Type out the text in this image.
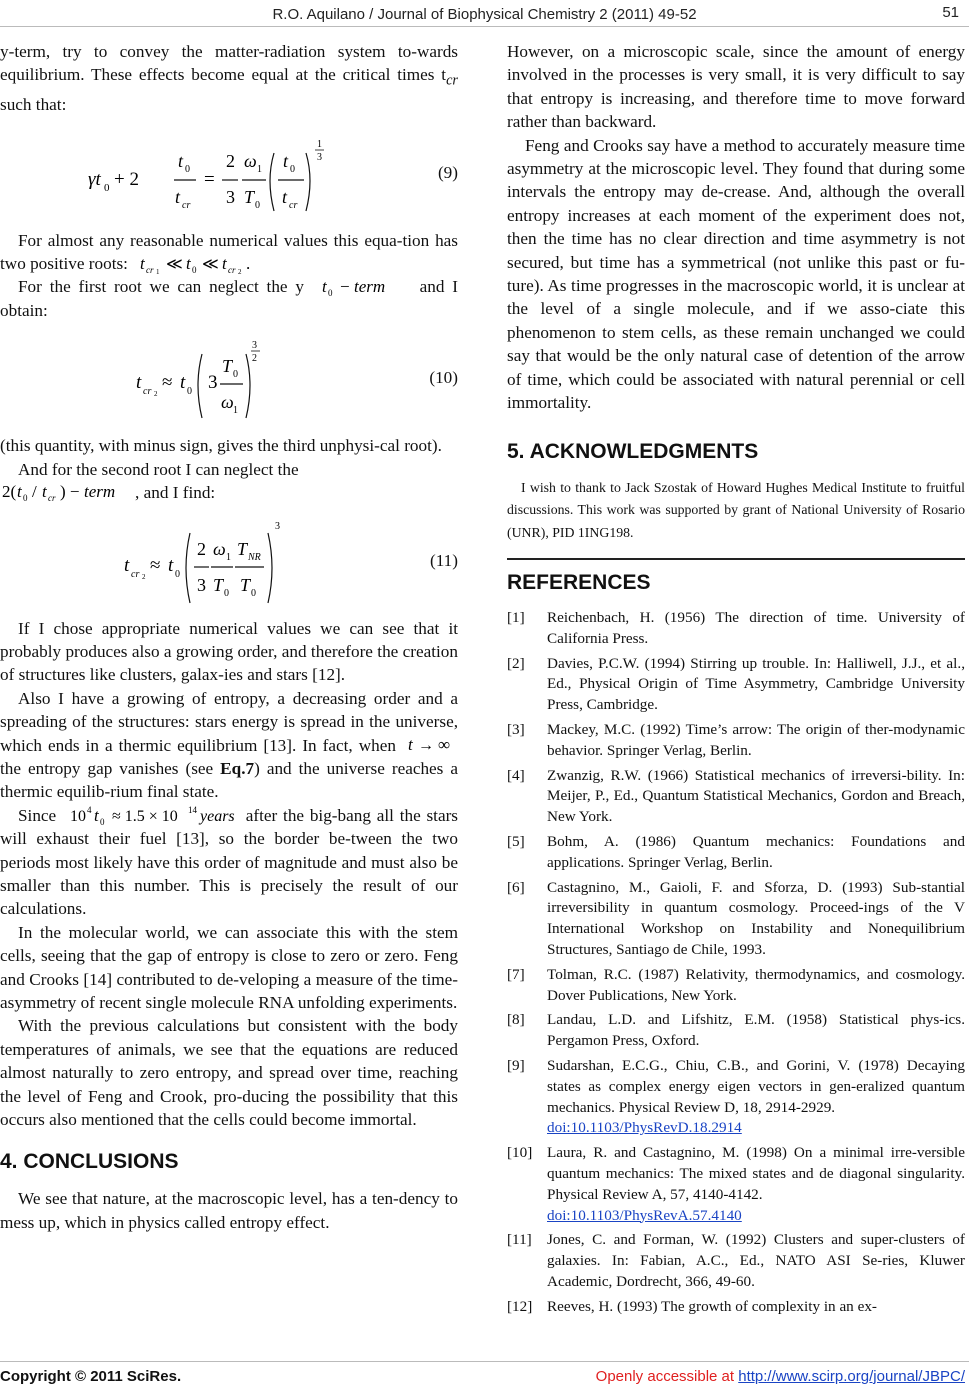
R.O. Aquilano / Journal of Biophysical Chemistry 2 (2011) 49-52	51

y-term, try to convey the matter-radiation system to-wards equilibrium. These effects become equal at the critical times $t_{cr}$ such that:

γt 0 + 2
t 0
t cr
=
2
3
ω 1
T 0
t 0
t cr
1
3
(9)

For almost any reasonable numerical values this equa-tion has two positive roots: t cr 1 ≪ t 0 ≪ t cr 2 .

For the first root we can neglect the y t 0 − term and I obtain:

t cr 2
≈ t 0 3
T 0
ω 1
3
2
(10)

(this quantity, with minus sign, gives the third unphysi-cal root).

And for the second root I can neglect the

2( t 0 / t cr ) − term , and I find:

t cr 2
≈ t 0
2
3
ω 1
T 0
T NR
T 0
3
(11)

If I chose appropriate numerical values we can see that it probably produces also a growing order, and therefore the creation of structures like clusters, galax-ies and stars [12].

Also I have a growing of entropy, a decreasing order and a spreading of the structures: stars energy is spread in the universe, which ends in a thermic equilibrium [13]. In fact, when t → ∞
the entropy gap vanishes (see Eq.7) and the universe reaches a thermic equilib-rium final state.

Since 10 4 t 0 ≈ 1.5 × 10 14 years after the big-bang all the stars will exhaust their fuel [13], so the border be-tween the two periods most likely have this order of magnitude and must also be smaller than this number. This is precisely the result of our calculations.

In the molecular world, we can associate this with the stem cells, seeing that the gap of entropy is close to zero or zero. Feng and Crooks [14] contributed to de-veloping a measure of the time-asymmetry of recent single molecule RNA unfolding experiments.

With the previous calculations but consistent with the body temperatures of animals, we see that the equations are reduced almost naturally to zero entropy, and spread over time, reaching the level of Feng and Crook, pro-ducing the possibility that this occurs also mentioned that the cells could become immortal.

4. CONCLUSIONS

We see that nature, at the macroscopic level, has a ten-dency to mess up, which in physics called entropy effect.

However, on a microscopic scale, since the amount of energy involved in the processes is very small, it is very difficult to say that entropy is increasing, and therefore time to move forward rather than backward.

Feng and Crooks say have a method to accurately measure time asymmetry at the microscopic level. They found that during some intervals the entropy may de-crease. And, although the overall entropy increases at each moment of the experiment does not, then the time has no clear direction and time asymmetry is not secured, but time has a symmetrical (not unlike this past or fu-ture). As time progresses in the macroscopic world, it is unclear at the level of a single molecule, and if we asso-ciate this phenomenon to stem cells, as these remain unchanged we could say that would be the only natural case of detention of the arrow of time, which could be associated with natural perennial or cell immortality.

5. ACKNOWLEDGMENTS

I wish to thank to Jack Szostak of Howard Hughes Medical Institute to fruitful discussions. This work was supported by grant of National University of Rosario (UNR), PID 1ING198.

REFERENCES
[1]	Reichenbach, H. (1956) The direction of time. University of California Press.
[2]	Davies, P.C.W. (1994) Stirring up trouble. In: Halliwell, J.J., et al., Ed., Physical Origin of Time Asymmetry, Cambridge University Press, Cambridge.
[3]	Mackey, M.C. (1992) Time’s arrow: The origin of ther-modynamic behavior. Springer Verlag, Berlin.
[4]	Zwanzig, R.W. (1966) Statistical mechanics of irreversi-bility. In: Meijer, P., Ed., Quantum Statistical Mechanics, Gordon and Breach, New York.
[5]	Bohm, A. (1986) Quantum mechanics: Foundations and applications. Springer Verlag, Berlin.
[6]	Castagnino, M., Gaioli, F. and Sforza, D. (1993) Sub-stantial irreversibility in quantum cosmology. Proceed-ings of the V International Workshop on Instability and Nonequilibrium Structures, Santiago de Chile, 1993.
[7]	Tolman, R.C. (1987) Relativity, thermodynamics, and cosmology. Dover Publications, New York.
[8]	Landau, L.D. and Lifshitz, E.M. (1958) Statistical phys-ics. Pergamon Press, Oxford.
[9]	Sudarshan, E.C.G., Chiu, C.B., and Gorini, V. (1978) Decaying states as complex energy eigen vectors in gen-eralized quantum mechanics. Physical Review D, 18, 2914-2929.
doi:10.1103/PhysRevD.18.2914
[10] Laura, R. and Castagnino, M. (1998) On a minimal irre-versible quantum mechanics: The mixed states and de diagonal singularity. Physical Review A, 57, 4140-4142.
doi:10.1103/PhysRevA.57.4140
[11]	Jones, C. and Forman, W. (1992) Clusters and super-clusters of galaxies. In: Fabian, A.C., Ed., NATO ASI Se-ries, Kluwer Academic, Dordrecht, 366, 49-60.
[12] Reeves, H. (1993) The growth of complexity in an ex-
Copyright © 2011 SciRes.	Openly accessible at http://www.scirp.org/journal/JBPC/
